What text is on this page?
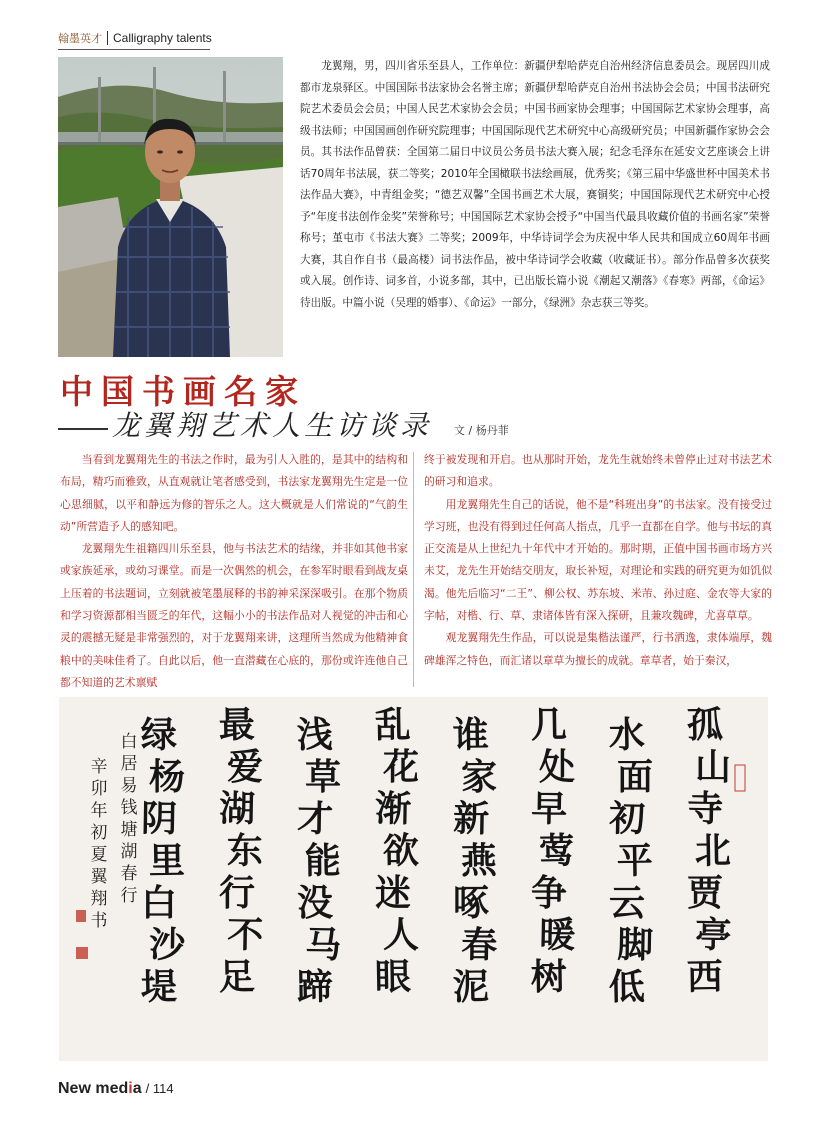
翰墨英才 Calligraphy talents
龙翼翔，男，四川省乐至县人，工作单位：新疆伊犁哈萨克自治州经济信息委员会。现居四川成都市龙泉驿区。中国国际书法家协会名誉主席；新疆伊犁哈萨克自治州书法协会会员；中国书法研究院艺术委员会会员；中国人民艺术家协会会员；中国书画家协会理事；中国国际艺术家协会理事，高级书法师；中国国画创作研究院理事；中国国际现代艺术研究中心高级研究员；中国新疆作家协会会员。其书法作品曾获：全国第二届日中议员公务员书法大赛入展；纪念毛泽东在延安文艺座谈会上讲话70周年书法展，获二等奖；2010年全国橄联书法绘画展，优秀奖；《第三届中华盛世杯中国美术书法作品大赛》，中青组金奖；“德艺双馨”全国书画艺术大展，赛铜奖；中国国际现代艺术研究中心授予“年度书法创作金奖”荣誉称号；中国国际艺术家协会授予“中国当代最具收藏价值的书画名家”荣誉称号；堇屯市《书法大赛》二等奖；2009年，中华诗词学会为庆祝中华人民共和国成立60周年书画大赛，其自作自书（最高楼）词书法作品，被中华诗词学会收藏（收藏证书）。部分作品曾多次获奖或入展。创作诗、词多首，小说多部，其中，已出版长篇小说《潮起又潮落》《春寒》两部，《命运》待出版。中篇小说（吴理的婚事）、《命运》一部分，《绿洲》杂志获三等奖。
中国书画名家
龙翼翔艺术人生访谈录 文 / 杨丹菲

当看到龙翼翔先生的书法之作时，最为引人入胜的，是其中的结构和布局，精巧而雅致，从直观就让笔者感受到，书法家龙翼翔先生定是一位心思细腻，以平和静远为修的智乐之人。这大概就是人们常说的“气韵生动”所营造予人的感知吧。

龙翼翔先生祖籍四川乐至县，他与书法艺术的结缘，并非如其他书家或家族延承，或幼习课堂。而是一次偶然的机会，在参军时眼看到战友桌上压着的书法题词，立刻就被笔墨展释的书韵神采深深吸引。在那个物质和学习资源都相当匮乏的年代，这幅小小的书法作品对人视觉的冲击和心灵的震撼无疑是非常强烈的，对于龙翼翔来讲，这理所当然成为他精神食粮中的美味佳肴了。自此以后，他一直潜藏在心底的，那份或许连他自己都不知道的艺术禀赋

终于被发现和开启。也从那时开始，龙先生就始终未曾停止过对书法艺术的研习和追求。

用龙翼翔先生自己的话说，他不是“科班出身”的书法家。没有接受过学习班，也没有得到过任何高人指点，几乎一直都在自学。他与书坛的真正交流是从上世纪九十年代中才开始的。那时期，正值中国书画市场方兴未艾，龙先生开始结交朋友，取长补短，对理论和实践的研究更为如饥似渴。他先后临习“二王”、柳公权、苏东坡、米芾、孙过庭、金农等大家的字帖，对楷、行、草、隶诸体皆有深入探研，且兼攻魏碑，尤喜草草。

观龙翼翔先生作品，可以说是集楷法谨严，行书洒逸，隶体端厚，魏碑雄浑之特色，而汇诸以章草为擅长的成就。章草者，始于秦汉，

孤
山
寺
北
贾
亭
西
水
面
初
平
云
脚
低
几
处
早
莺
争
暖
树
谁
家
新
燕
啄
春
泥
乱
花
渐
欲
迷
人
眼
浅
草
才
能
没
马
蹄
最
爱
湖
东
行
不
足
绿
杨
阴
里
白
沙
堤
白
居
易
钱
塘
湖
春
行
辛
卯
年
初
夏
翼
翔
书
New media / 114
